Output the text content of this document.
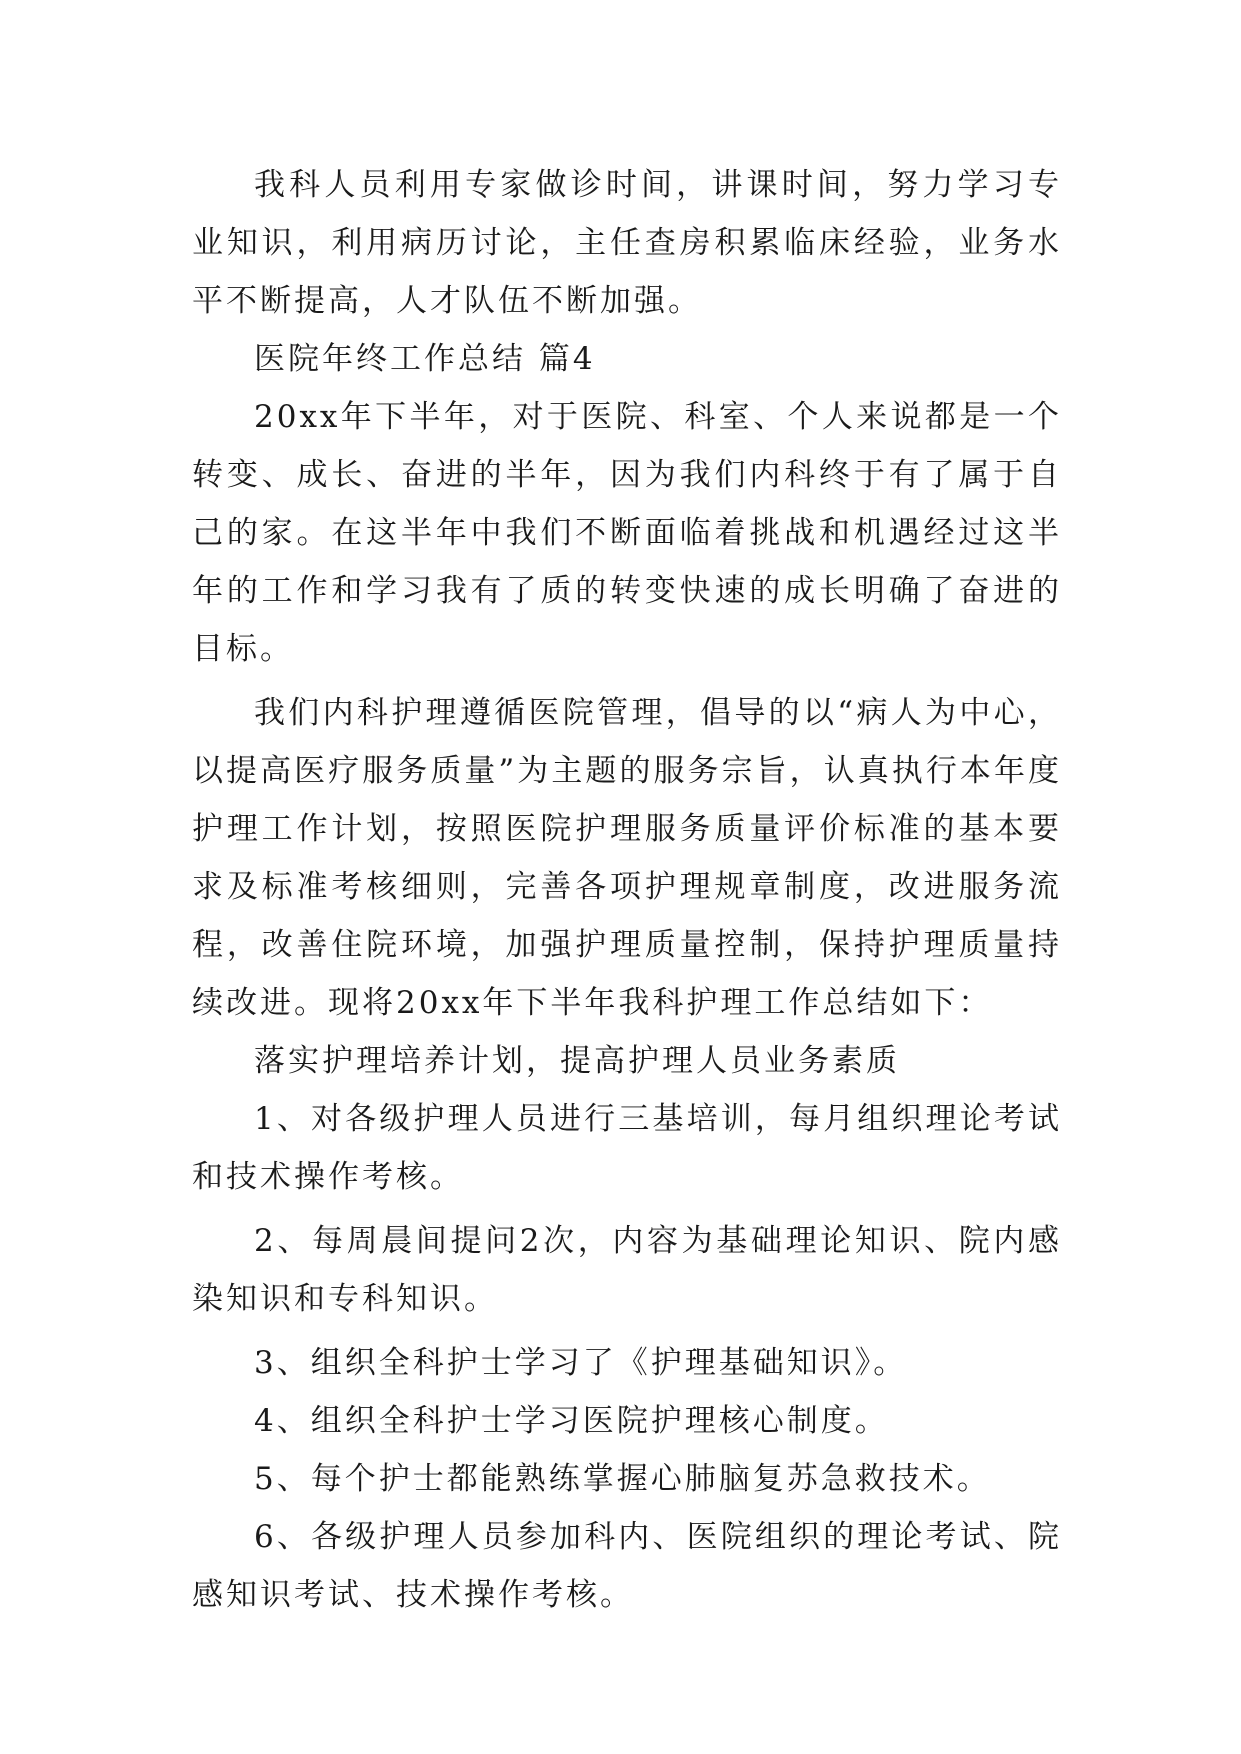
我科人员利用专家做诊时间，讲课时间，努力学习专业知识，利用病历讨论，主任查房积累临床经验，业务水平不断提高，人才队伍不断加强。

医院年终工作总结 篇4

20xx年下半年，对于医院、科室、个人来说都是一个转变、成长、奋进的半年，因为我们内科终于有了属于自己的家。在这半年中我们不断面临着挑战和机遇经过这半年的工作和学习我有了质的转变快速的成长明确了奋进的目标。

我们内科护理遵循医院管理，倡导的以“病人为中心，以提高医疗服务质量”为主题的服务宗旨，认真执行本年度护理工作计划，按照医院护理服务质量评价标准的基本要求及标准考核细则，完善各项护理规章制度，改进服务流程，改善住院环境，加强护理质量控制，保持护理质量持续改进。现将20xx年下半年我科护理工作总结如下：

落实护理培养计划，提高护理人员业务素质

1、对各级护理人员进行三基培训，每月组织理论考试和技术操作考核。

2、每周晨间提问2次，内容为基础理论知识、院内感染知识和专科知识。

3、组织全科护士学习了《护理基础知识》。

4、组织全科护士学习医院护理核心制度。

5、每个护士都能熟练掌握心肺脑复苏急救技术。

6、各级护理人员参加科内、医院组织的理论考试、院感知识考试、技术操作考核。
